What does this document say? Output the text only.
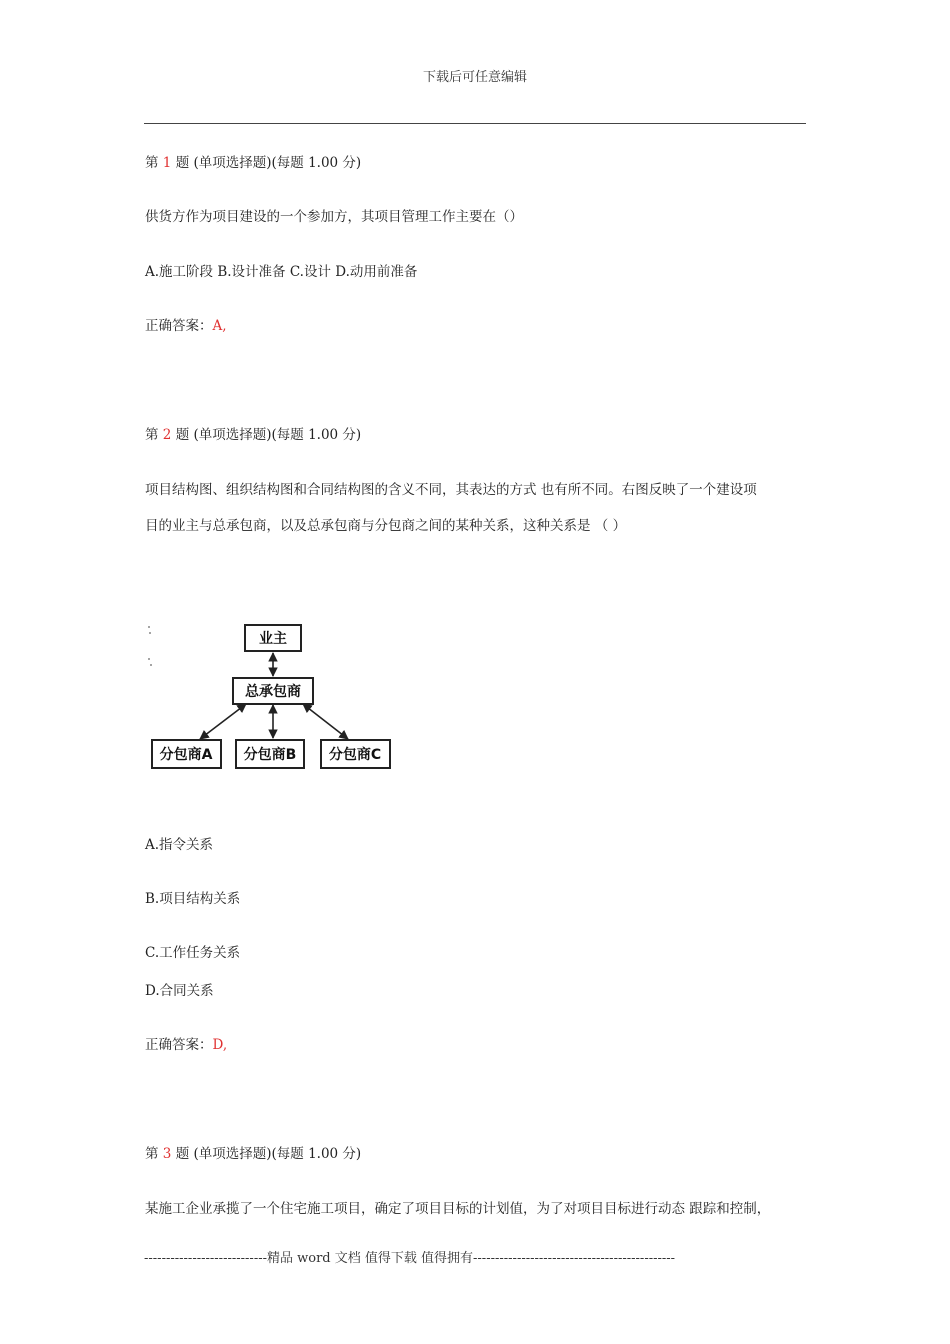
下载后可任意编辑
第 1 题 (单项选择题)(每题 1.00 分)
供货方作为项目建设的一个参加方，其项目管理工作主要在（）
A.施工阶段 B.设计准备 C.设计 D.动用前准备
正确答案：A,
第 2 题 (单项选择题)(每题 1.00 分)
项目结构图、组织结构图和合同结构图的含义不同，其表达的方式 也有所不同。右图反映了一个建设项
目的业主与总承包商，以及总承包商与分包商之间的某种关系，这种关系是 （ ）
业主
总承包商
分包商A 分包商B 分包商C
A.指令关系
B.项目结构关系
C.工作任务关系
D.合同关系
正确答案：D,
第 3 题 (单项选择题)(每题 1.00 分)
某施工企业承揽了一个住宅施工项目，确定了项目目标的计划值，为了对项目目标进行动态 跟踪和控制，
----------------------------精品 word 文档 值得下载 值得拥有----------------------------------------------
